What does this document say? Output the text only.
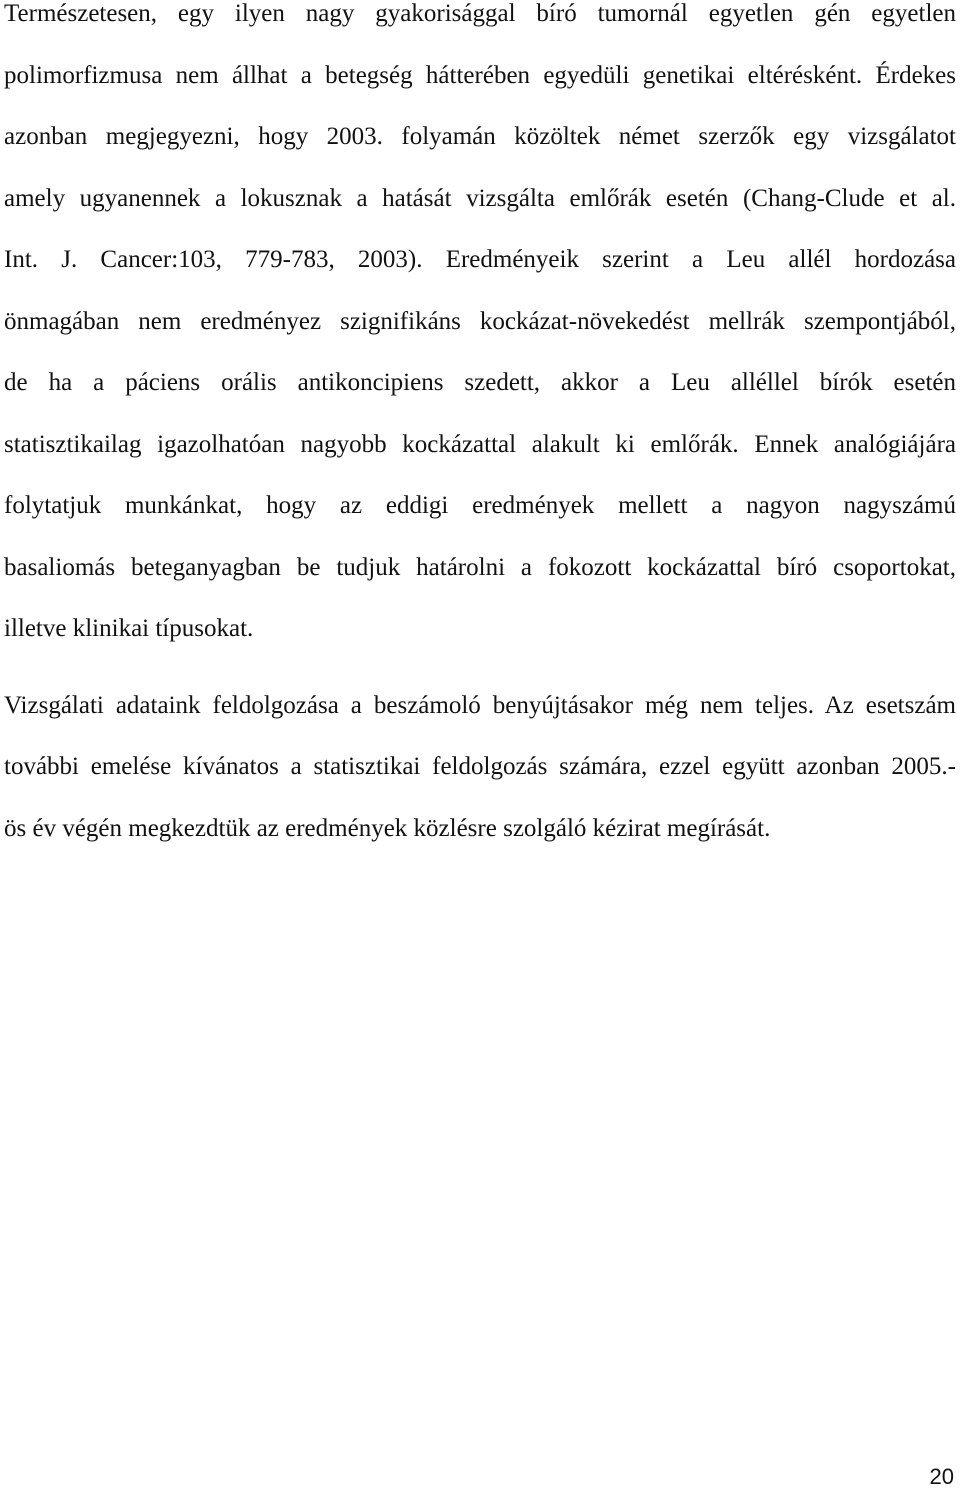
Természetesen, egy ilyen nagy gyakorisággal bíró tumornál egyetlen gén egyetlen
polimorfizmusa nem állhat a betegség hátterében egyedüli genetikai eltérésként. Érdekes
azonban megjegyezni, hogy 2003. folyamán közöltek német szerzők egy vizsgálatot
amely ugyanennek a lokusznak a hatását vizsgálta emlőrák esetén (Chang-Clude et al.
Int. J. Cancer:103, 779-783, 2003). Eredményeik szerint a Leu allél hordozása
önmagában nem eredményez szignifikáns kockázat-növekedést mellrák szempontjából,
de ha a páciens orális antikoncipiens szedett, akkor a Leu alléllel bírók esetén
statisztikailag igazolhatóan nagyobb kockázattal alakult ki emlőrák. Ennek analógiájára
folytatjuk munkánkat, hogy az eddigi eredmények mellett a nagyon nagyszámú
basaliomás beteganyagban be tudjuk határolni a fokozott kockázattal bíró csoportokat,
illetve klinikai típusokat.

Vizsgálati adataink feldolgozása a beszámoló benyújtásakor még nem teljes. Az esetszám
további emelése kívánatos a statisztikai feldolgozás számára, ezzel együtt azonban 2005.-
ös év végén megkezdtük az eredmények közlésre szolgáló kézirat megírását.

20
